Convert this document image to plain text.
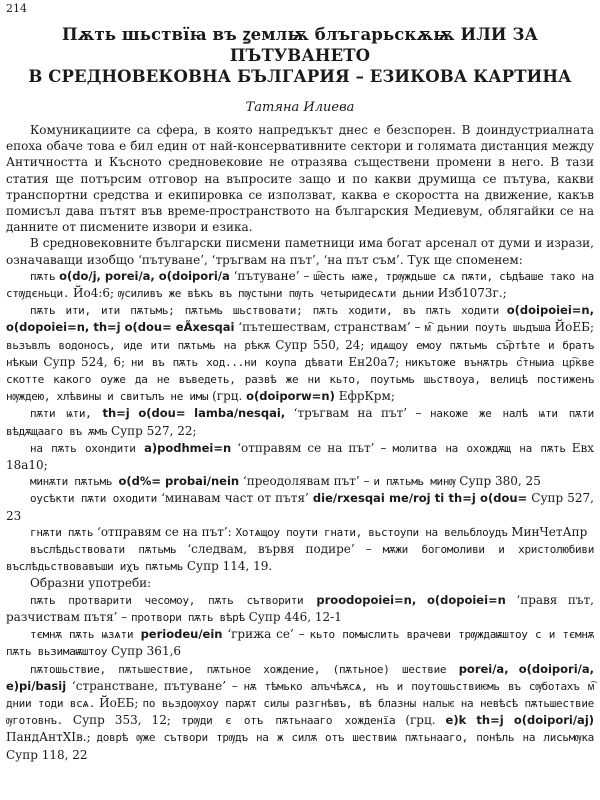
214
Пѫть шьствїꙗ въ ꙁемлѭ блъгарьскѫѭ ИЛИ ЗА ПЪТУВАНЕТО
В СРЕДНОВЕКОВНА БЪЛГАРИЯ – ЕЗИКОВА КАРТИНА
Татяна Илиева

Комуникациите са сфера, в която напредъкът днес е безспорен. В доиндустриалната епоха обаче това е бил един от най-консервативните сектори и голямата дистанция между Античността и Късното средновековие не отразява съществени промени в него. В тази статия ще потърсим отговор на въпросите защо и по какви друмища се пътува, какви транспортни средства и екипировка се използват, каква е скоростта на движение, какъв помисъл дава пътят във време-пространството на българския Медиевум, облягайки се на данните от писмените извори и езика.

В средновековните български писмени паметници има богат арсенал от думи и изрази, означаващи изобщо ‘пътуване’, ‘тръгвам на път’, ‘на път съм’. Тук ще споменем:

пѫть o(do/j, porei/a, o(doipori/a ‘пътуване’ – ш҇есть ꙗже, трѹждьше сѧ пѫти, сѣдѣаше тако на стѹдєньци. Йо4:6; ѹсиливъ же вѣкъ въ пѹстыни пѹть четыридесѧти дьнии Изб1073г.;

пѫть ити, ити пѫтьмь; пѫтьмь шьствовати; пѫть ходити, въ пѫть ходити o(doipoiei=n, o(dopoiei=n, th=j o(dou= eÃxesqai ‘пътешествам, странствам’ – м҇ дьнии поуть шьдъша ЙоЕБ; вьзъвлъ водоносъ, иде ити пѫтьмь на рѣкѫ Супр 550, 24; идѧщоу емоу пѫтьмь съ҇ртѣте и братъ нѣкыи Супр 524, 6; ни въ пѫть ход...ни коупа дѣвати Ен20а7; никътоже вънѫтрь с҇тныиа цр҇кве скотте какого оуже да не въведеть, развѣ же ни кьто, поутьмь шьствоуа, велицѣ постиженъ нѹждею, хлѣвины и свитълъ не имы (грц. o(doiporw=n) ЕфрКрм;

пѫти ѩти, th=j o(dou= lamba/nesqai, ‘тръгвам на път’ – накоже же налѣ ѩти пѫти вѣдѫщааго въ ѫмъ Супр 527, 22;

на пѫть охондити a)podhmei=n ‘отправям се на път’ – молитва на охождѫщ на пѫть Евх 18а10;

минѫти пѫтьмь o(d%= probai/nein ‘преодолявам път’ – и пѫтьмь минѹ Супр 380, 25

оусѣкти пѫти оходити ‘минавам част от пътя’ die/rxesqai me/roj ti th=j o(dou= Супр 527, 23

гнѫти пѫть ‘отправям се на път’: Хотѧщоу поути гнати, вьстоупи на вельблоудъ МинЧетАпр

въслѣдьствовати пѫтьмь ‘следвам, вървя подире’ – мѫжи богомоливи и христолюбиви въслѣдьствовавъши иχъ пѫтьмь Супр 114, 19.

Образни употреби:

пѫть протварити чесомоу, пѫть сътворити proodopoiei=n, o(dopoiei=n ‘правя път, разчиствам пътя’ – протвори пѫть вѣрѣ Супр 446, 12-1

тємнѫ пѫть ѩзѧти periodeu/ein ‘грижа се’ – кьто помыслить врачеви трѹждаѭштоу с и тємнѫ пѫть вьзимаѭштоу Супр 361,6

пѫтошьствие, пѫтьшествие, пѫтьное хождение, (пѫтьное) шествие porei/a, o(doipori/a, e)pi/basij ‘странстване, пътуване’ – нѫ тѣмько алъчѣѫсѧ, нъ и поутошьствиѥмь въ сѹботахъ м҇ днии тоди всѧ. ЙоЕБ; по вьздоѹхоу парѫт силы разгнѣвъ, вѣ блазны нальѥ на невѣсѣ пѫтьшествие ѹготовнъ. Супр 353, 12; трѹди є отъ пѫтьнааго хожденїа (грц. e)k th=j o(doipori/aj) ПандАнтХІв.; доврѣ ѹже сътвори трѹдъ на ж силѫ отъ шествиѩ пѫтьнааго, понѣль на лисьмѹка Супр 118, 22
